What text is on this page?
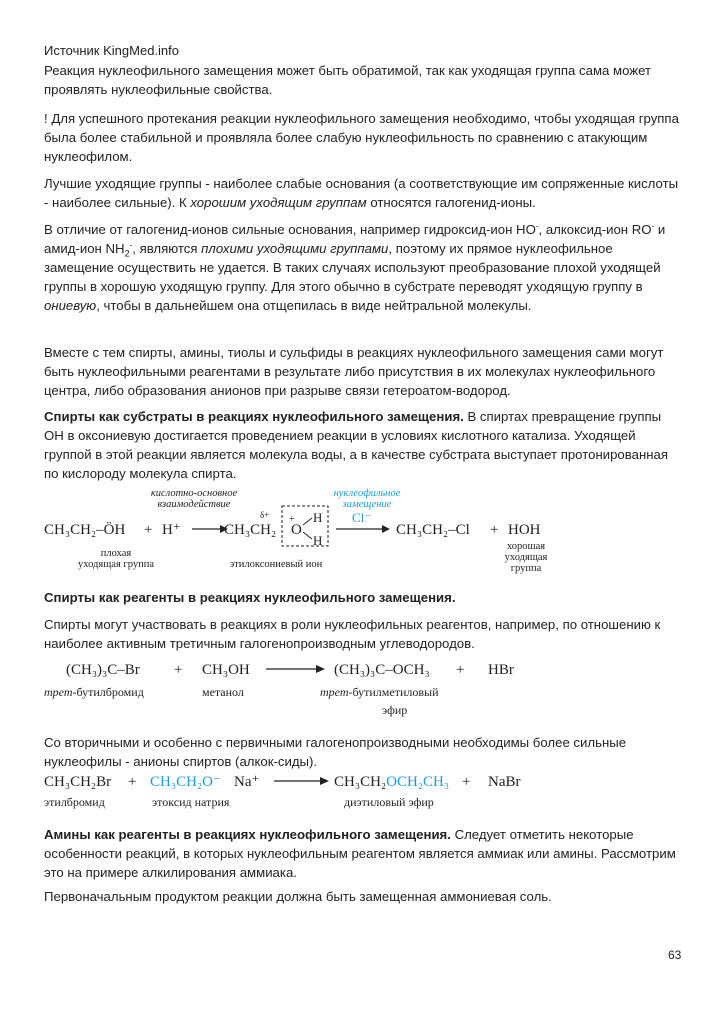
Источник KingMed.info

Реакция нуклеофильного замещения может быть обратимой, так как уходящая группа сама может проявлять нуклеофильные свойства.

! Для успешного протекания реакции нуклеофильного замещения необходимо, чтобы уходящая группа была более стабильной и проявляла более слабую нуклеофильность по сравнению с атакующим нуклеофилом.

Лучшие уходящие группы - наиболее слабые основания (а соответствующие им сопряженные кислоты - наиболее сильные). К хорошим уходящим группам относятся галогенид-ионы.

В отличие от галогенид-ионов сильные основания, например гидроксид-ион HO-, алкоксид-ион RO- и амид-ион $NH_2^-$, являются плохими уходящими группами, поэтому их прямое нуклеофильное замещение осуществить не удается. В таких случаях используют преобразование плохой уходящей группы в хорошую уходящую группу. Для этого обычно в субстрате переводят уходящую группу в ониевую, чтобы в дальнейшем она отщепилась в виде нейтральной молекулы.

Вместе с тем спирты, амины, тиолы и сульфиды в реакциях нуклеофильного замещения сами могут быть нуклеофильными реагентами в результате либо присутствия в их молекулах нуклеофильного центра, либо образования анионов при разрыве связи гетероатом-водород.

Спирты как субстраты в реакциях нуклеофильного замещения. В спиртах превращение группы ОН в оксониевую достигается проведением реакции в условиях кислотного катализа. Уходящей группой в этой реакции является молекула воды, а в качестве субстрата выступает протонированная по кислороду молекула спирта.

кислотно-основное
взаимодействие
нуклеофильное
замещение
CH₃CH₂–ÖH + H⁺
δ+
CH₃CH₂
+
O
H
H
Cl⁻
CH₃CH₂–Cl + HOH
плохая
уходящая группа	этилоксониевый ион
хорошая
уходящая
группа

Спирты как реагенты в реакциях нуклеофильного замещения.

Спирты могут участвовать в реакциях в роли нуклеофильных реагентов, например, по отношению к наиболее активным третичным галогенопроизводным углеводородов.

(CH₃)₃C–Br + CH₃OH	(CH₃)₃C–OCH₃ + HBr
трет-бутилбромид	метанол	трет-бутилметиловый
эфир

Со вторичными и особенно с первичными галогенопроизводными необходимы более сильные нуклеофилы - анионы спиртов (алкок-сиды).

CH₃CH₂Br + CH₃CH₂O⁻ Na⁺	CH₃CH₂OCH₂CH₃ + NaBr
этилбромид	этоксид натрия	диэтиловый эфир

Амины как реагенты в реакциях нуклеофильного замещения. Следует отметить некоторые особенности реакций, в которых нуклеофильным реагентом является аммиак или амины. Рассмотрим это на примере алкилирования аммиака.

Первоначальным продуктом реакции должна быть замещенная аммониевая соль.

63
